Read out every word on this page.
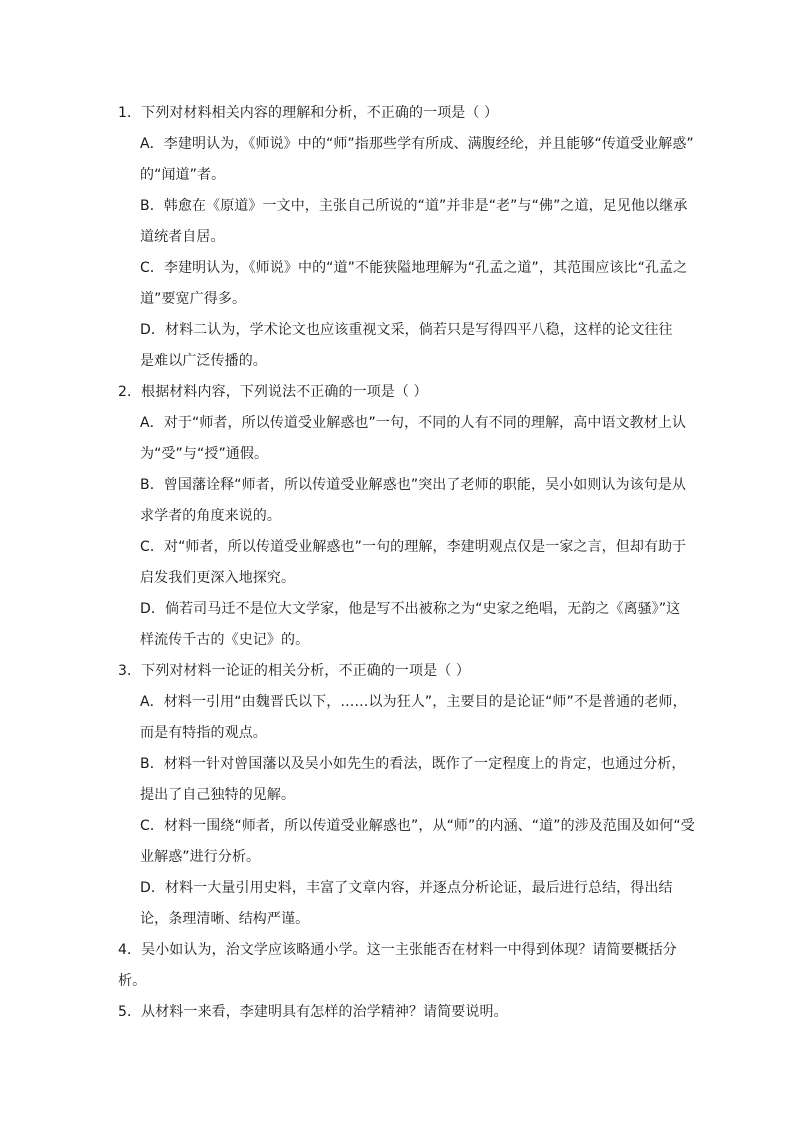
1．下列对材料相关内容的理解和分析，不正确的一项是（ ）
A．李建明认为，《师说》中的“师”指那些学有所成、满腹经纶，并且能够“传道受业解惑”
的“闻道”者。
B．韩愈在《原道》一文中，主张自己所说的“道”并非是“老”与“佛”之道，足见他以继承
道统者自居。
C．李建明认为，《师说》中的“道”不能狭隘地理解为“孔孟之道”，其范围应该比“孔孟之
道”要宽广得多。
D．材料二认为，学术论文也应该重视文采，倘若只是写得四平八稳，这样的论文往往
是难以广泛传播的。
2．根据材料内容，下列说法不正确的一项是（ ）
A．对于“师者，所以传道受业解惑也”一句，不同的人有不同的理解，高中语文教材上认
为“受”与“授”通假。
B．曾国藩诠释“师者，所以传道受业解惑也”突出了老师的职能，吴小如则认为该句是从
求学者的角度来说的。
C．对“师者，所以传道受业解惑也”一句的理解，李建明观点仅是一家之言，但却有助于
启发我们更深入地探究。
D．倘若司马迁不是位大文学家，他是写不出被称之为“史家之绝唱，无韵之《离骚》”这
样流传千古的《史记》的。
3．下列对材料一论证的相关分析，不正确的一项是（ ）
A．材料一引用“由魏晋氏以下，……以为狂人”，主要目的是论证“师”不是普通的老师，
而是有特指的观点。
B．材料一针对曾国藩以及吴小如先生的看法，既作了一定程度上的肯定，也通过分析，
提出了自己独特的见解。
C．材料一围绕“师者，所以传道受业解惑也”，从“师”的内涵、“道”的涉及范围及如何“受
业解惑”进行分析。
D．材料一大量引用史料，丰富了文章内容，并逐点分析论证，最后进行总结，得出结
论，条理清晰、结构严谨。
4．吴小如认为，治文学应该略通小学。这一主张能否在材料一中得到体现？请简要概括分
析。
5．从材料一来看，李建明具有怎样的治学精神？请简要说明。
